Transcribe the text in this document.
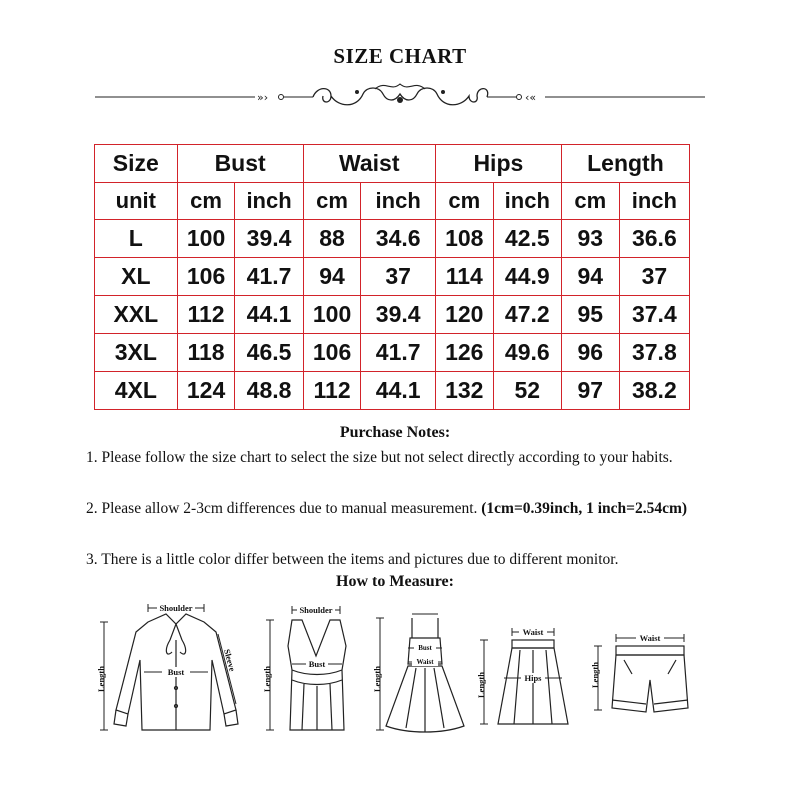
SIZE CHART
»›	‹«
Size	Bust		Waist		Hips		Length	
unit	cm	inch	cm	inch	cm	inch	cm	inch
L	100	39.4	88	34.6	108	42.5	93	36.6
XL	106	41.7	94	37	114	44.9	94	37
XXL	112	44.1	100	39.4	120	47.2	95	37.4
3XL	118	46.5	106	41.7	126	49.6	96	37.8
4XL	124	48.8	112	44.1	132	52	97	38.2
Purchase Notes:
1. Please follow the size chart to select the size but not select directly according to your habits.
2. Please allow 2-3cm differences due to manual measurement. (1cm=0.39inch, 1 inch=2.54cm)
3. There is a little color differ between the items and pictures due to different monitor.
How to Measure:
Shoulder
Bust
Length
Sleeve
Shoulder
Bust
Length
Bust
Waist
Length
Waist
Hips
Length
Waist
Length
